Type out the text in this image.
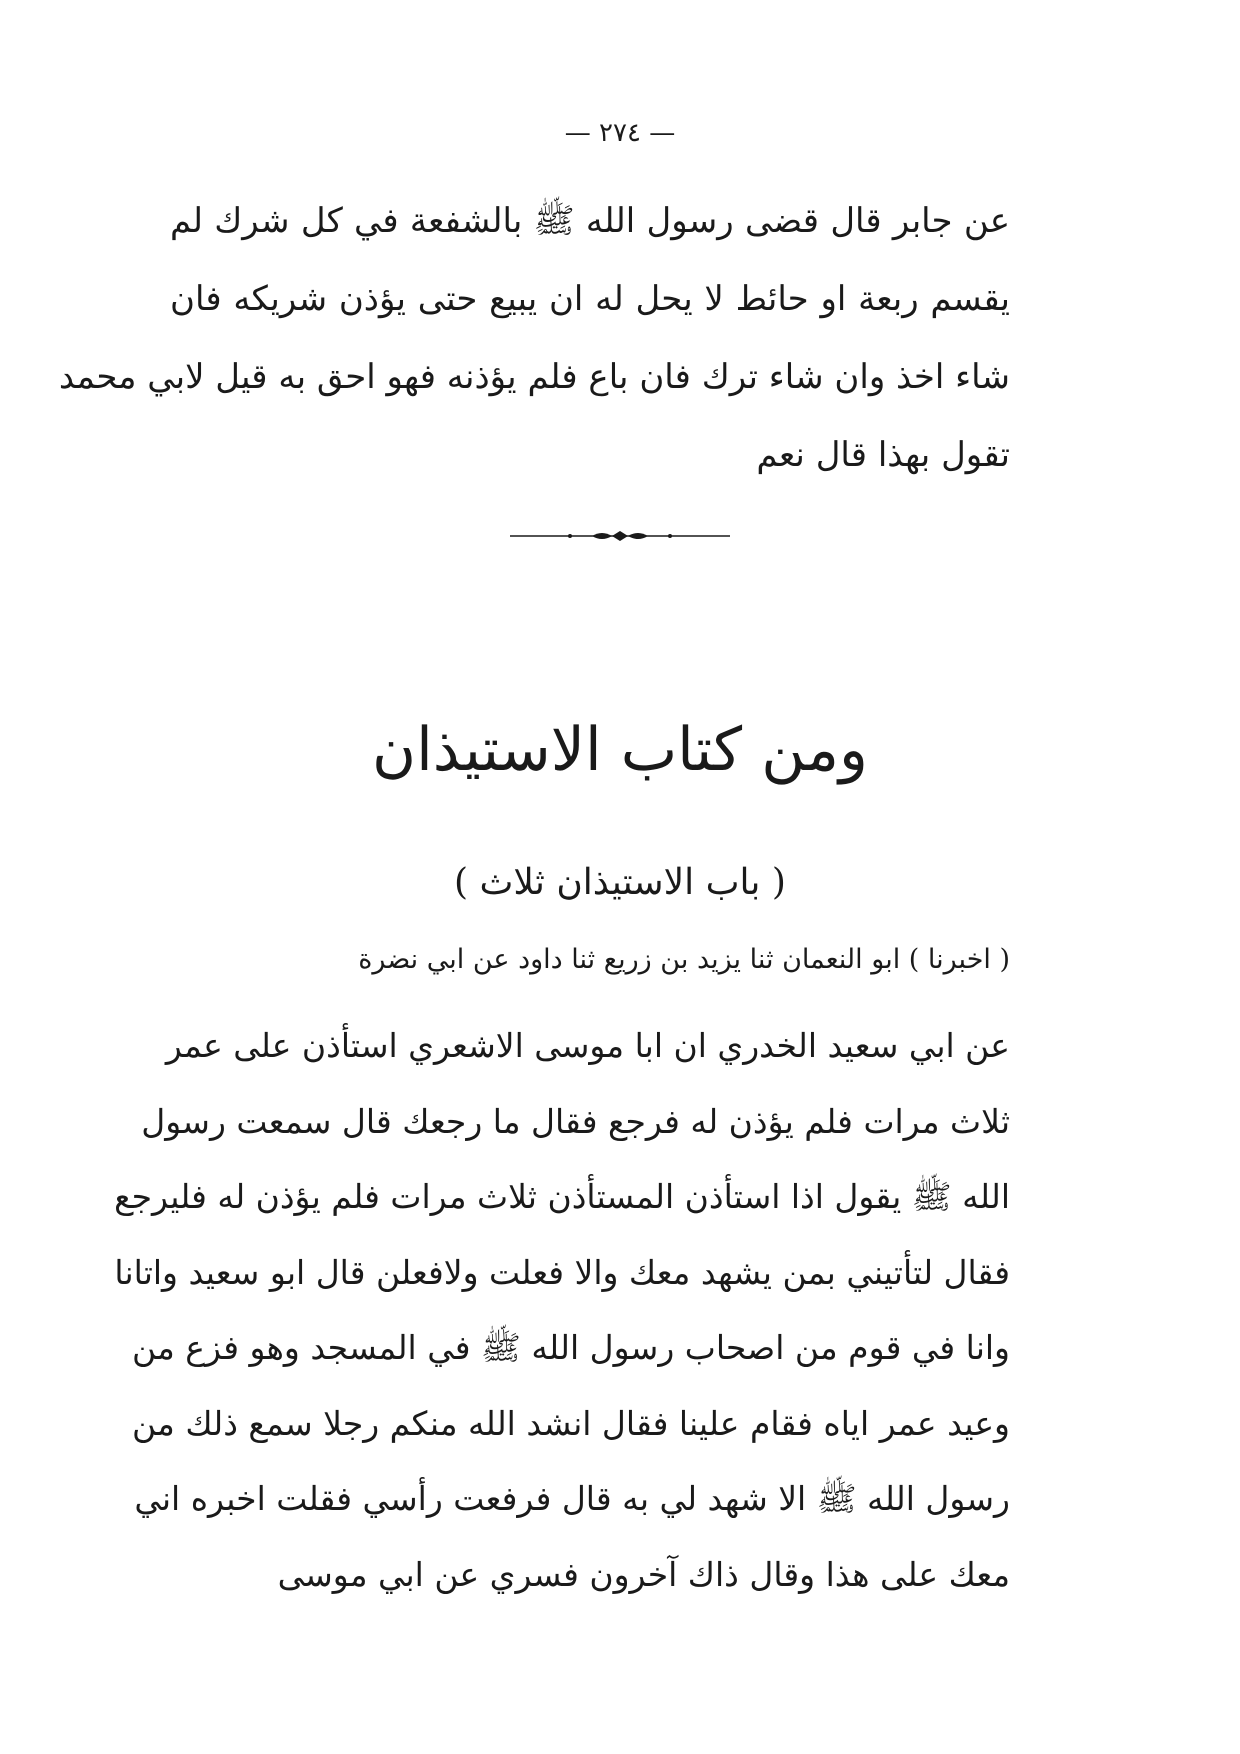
— ٢٧٤ —
عن جابر قال قضى رسول الله ﷺ بالشفعة في كل شرك لم
يقسم ربعة او حائط لا يحل له ان يبيع حتى يؤذن شريكه فان
شاء اخذ وان شاء ترك فان باع فلم يؤذنه فهو احق به قيل لابي محمد
تقول بهذا قال نعم
ومن كتاب الاستيذان
( باب الاستيذان ثلاث )
( اخبرنا ) ابو النعمان ثنا يزيد بن زريع ثنا داود عن ابي نضرة
عن ابي سعيد الخدري ان ابا موسى الاشعري استأذن على عمر
ثلاث مرات فلم يؤذن له فرجع فقال ما رجعك قال سمعت رسول
الله ﷺ يقول اذا استأذن المستأذن ثلاث مرات فلم يؤذن له فليرجع
فقال لتأتيني بمن يشهد معك والا فعلت ولافعلن قال ابو سعيد واتانا
وانا في قوم من اصحاب رسول الله ﷺ في المسجد وهو فزع من
وعيد عمر اياه فقام علينا فقال انشد الله منكم رجلا سمع ذلك من
رسول الله ﷺ الا شهد لي به قال فرفعت رأسي فقلت اخبره اني
معك على هذا وقال ذاك آخرون فسري عن ابي موسى
